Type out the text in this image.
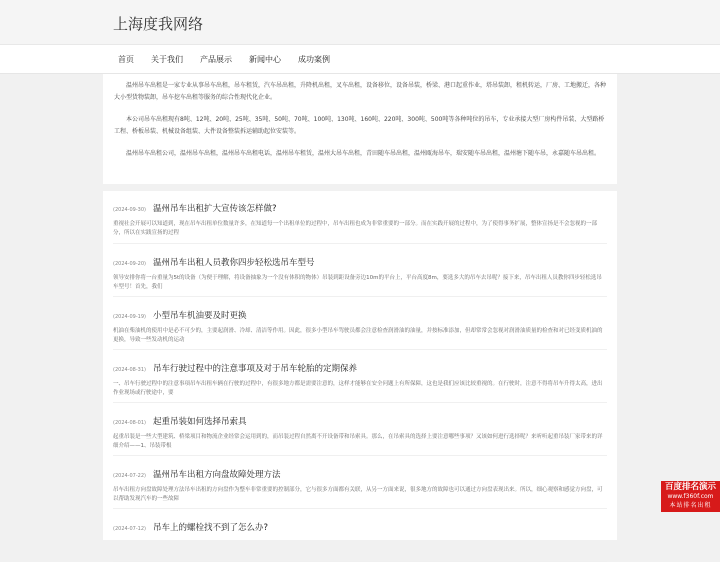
上海度我网络
首页 关于我们 产品展示 新闻中心 成功案例

温州吊车出租是一家专业从事吊车出租，吊车租赁，汽车吊出租，升降机出租，叉车出租，设备移位，设备吊装，桥梁、港口起重作业，塔吊装卸，租机转运，厂房、工地搬迁，各种大小型货物装卸，吊车挖车出租等服务的综合性现代化企业。

本公司吊车出租现有8吨、12吨、20吨、25吨、35吨、50吨、70吨、100吨、130吨、160吨、220吨、300吨、500吨等各种吨位的吊车，专业承接大型厂房构件吊装、大型路桥工程、桥板吊装、机械设备组装、大件设备整装拆运辅助起位安装等。

温州吊车出租公司，温州吊车出租，温州吊车出租电话，温州吊车租赁，温州大吊车出租，青田随车吊出租，温州瓯海吊车，瑞安随车吊出租，温州塘下随车吊，永嘉随车吊出租。

(2024-09-30) 温州吊车出租扩大宣传该怎样做?
重视社会开展可以知道到，现在吊车出租单位数量许多，在知道每一个出租单位的过程中，吊车出租也成为非常重要的一部分。而在实践开展的过程中，为了使得事务扩展，整体宣扬是不会忽视的一部分，所以在实践宣扬的过程
(2024-09-20) 温州吊车出租人员教你四步轻松选吊车型号
领导安排你将一台重量为5t的设备（为便于理解，将设备抽象为一个没有体积的物体）吊装到距设备旁边10m的平台上，平台高度8m，要选多大的吊车去吊呢？接下来，吊车出租人员教你四步轻松选吊车型号！首先，我们
(2024-09-19) 小型吊车机油要及时更换
机油在柴油机的使用中是必不可少的，主要起润滑、冷却、清洁等作用。因此，很多小型吊车驾驶员都会注意检查润滑油的油量，并按标准添加，但却常常会忽视对润滑油质量的检查和对已经变质机油的更换，导致一些发动机的运动
(2024-08-31) 吊车行驶过程中的注意事项及对于吊车轮胎的定期保养
一、吊车行驶过程中的注意事项吊车出租车辆在行驶的过程中，有很多地方都是需要注意的，这样才能够在安全问题上有所保障，这也是我们应该比较重视的。在行驶时，注意不得将吊车升得太高，进出作业现场或行驶途中，要
(2024-08-01) 起重吊装如何选择吊索具
起重吊装是一些大型建筑、桥梁项目和物流企业经常会运用到的，而吊装过程自然离不开设备带和吊索具。那么，在吊索具的选择上要注意哪些事项？又该如何进行选择呢？来听听起重吊装厂家带来的详细介绍——1、吊装带根
(2024-07-22) 温州吊车出租方向盘故障处理方法
吊车出租方向盘故障处理方法吊车出租的方向盘作为整车非常重要的控制部分，它与很多方面都有关联，从另一方面来说，很多地方的故障也可以通过方向盘表现出来。所以，细心观察和感觉方向盘，可以帮助发现汽车的一些故障
(2024-07-12) 吊车上的螺栓找不到了怎么办?
百度排名演示
www.f360f.com
本站排名出租
